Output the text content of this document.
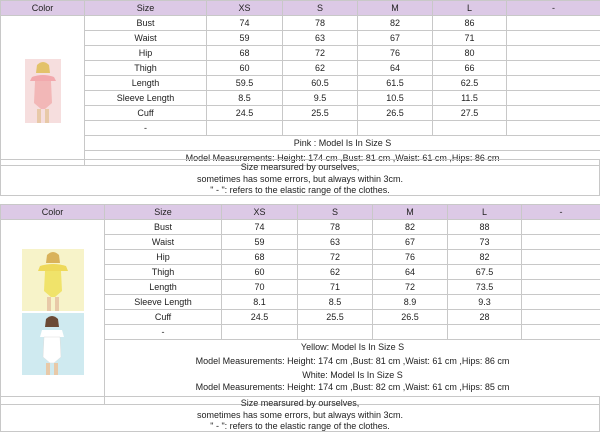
Color	Size	XS	S	M	L	-

	Bust	74	78	82	86	
	Waist	59	63	67	71	
	Hip	68	72	76	80	
	Thigh	60	62	64	66	
	Length	59.5	60.5	61.5	62.5	
	Sleeve Length	8.5	9.5	10.5	11.5	
	Cuff	24.5	25.5	26.5	27.5	
	-					
	Pink : Model Is In Size S					
	Model Measurements: Height: 174 cm ,Bust: 81 cm ,Waist: 61 cm ,Hips: 86 cm					
Size mearsured by ourselves,
sometimes has some errors, but always within 3cm.
" - ": refers to the elastic range of the clothes.
Color	Size	XS	S	M	L	-

	Bust	74	78	82	88	
	Waist	59	63	67	73	
	Hip	68	72	76	82	
	Thigh	60	62	64	67.5	
	Length	70	71	72	73.5	
	Sleeve Length	8.1	8.5	8.9	9.3	
	Cuff	24.5	25.5	26.5	28	
	-					
	Yellow: Model Is In Size S					
	Model Measurements: Height: 174 cm ,Bust: 81 cm ,Waist: 61 cm ,Hips: 86 cm					
	White: Model Is In Size S					
	Model Measurements: Height: 174 cm ,Bust: 82 cm ,Waist: 61 cm ,Hips: 85 cm					
Size mearsured by ourselves,
sometimes has some errors, but always within 3cm.
" - ": refers to the elastic range of the clothes.
